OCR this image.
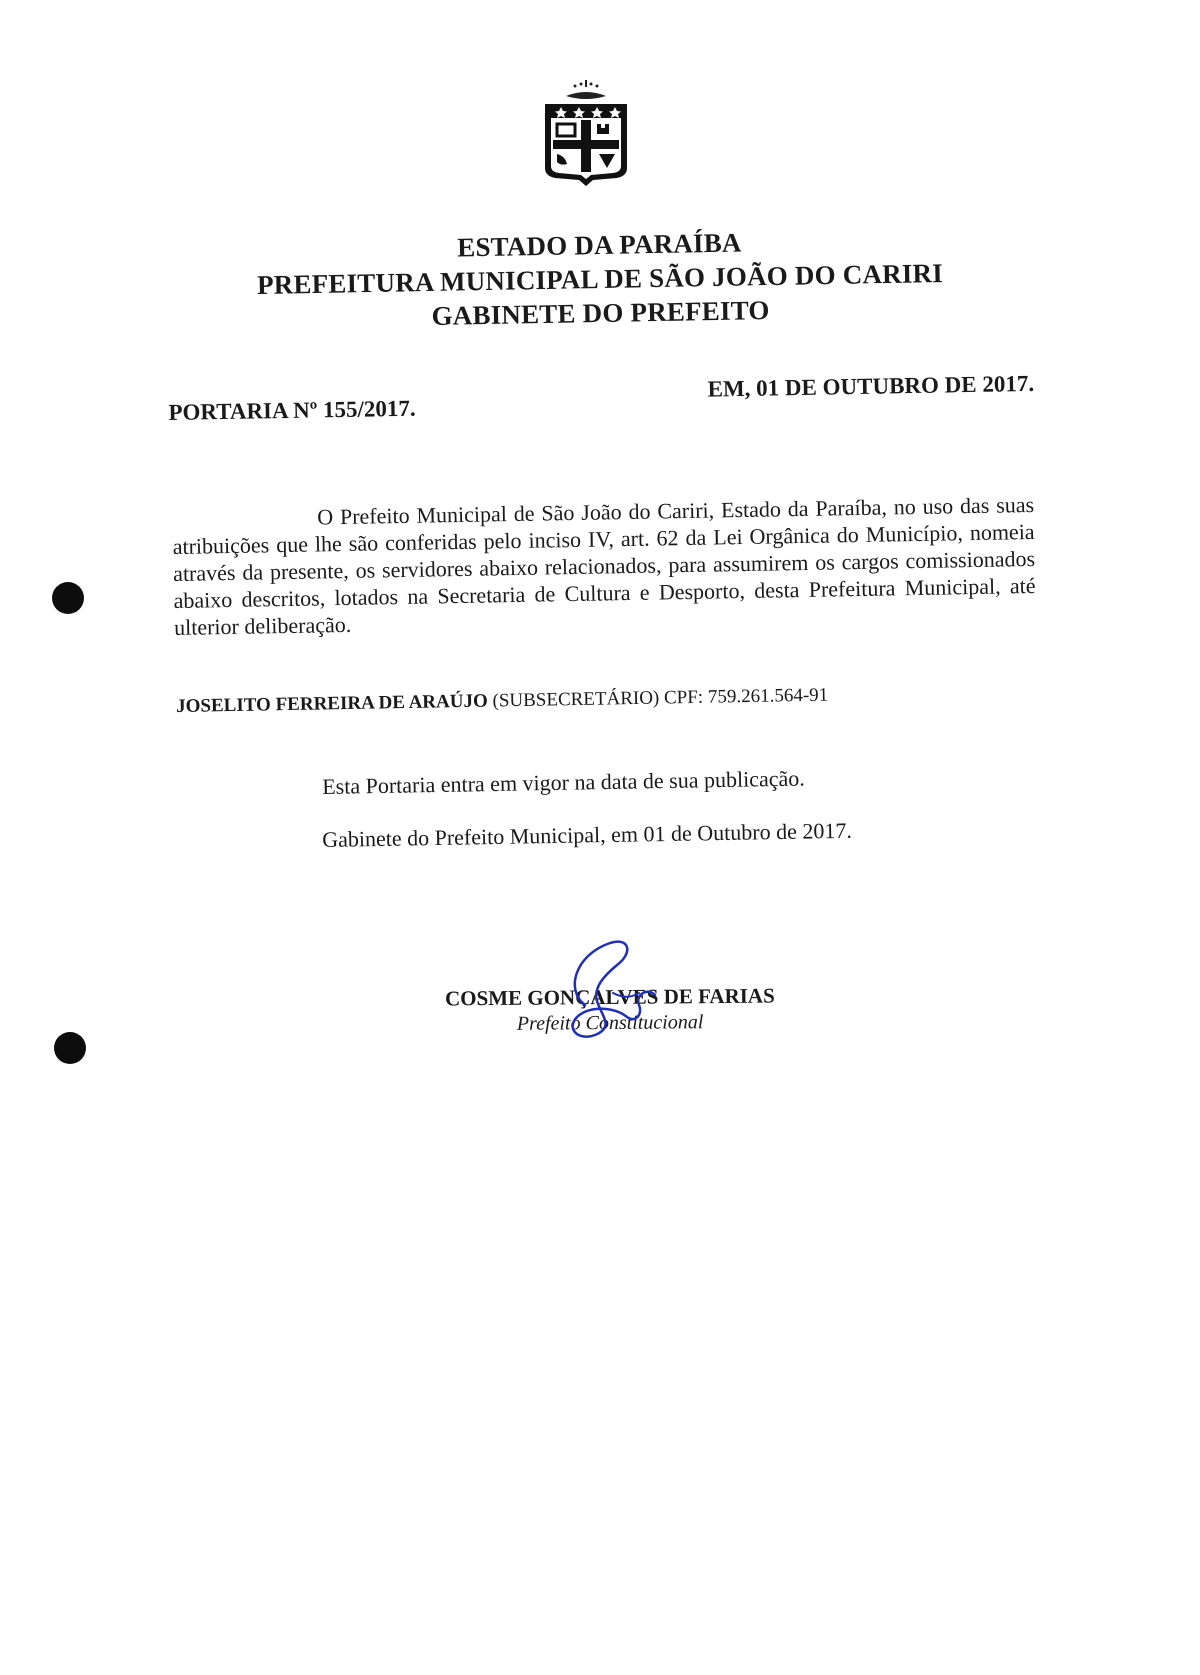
ESTADO DA PARAÍBA
PREFEITURA MUNICIPAL DE SÃO JOÃO DO CARIRI
GABINETE DO PREFEITO
PORTARIA Nº 155/2017.
EM, 01 DE OUTUBRO DE 2017.
O Prefeito Municipal de São João do Cariri, Estado da Paraíba, no uso das suas atribuições que lhe são conferidas pelo inciso IV, art. 62 da Lei Orgânica do Município, nomeia através da presente, os servidores abaixo relacionados, para assumirem os cargos comissionados abaixo descritos, lotados na Secretaria de Cultura e Desporto, desta Prefeitura Municipal, até ulterior deliberação.
JOSELITO FERREIRA DE ARAÚJO (SUBSECRETÁRIO) CPF: 759.261.564-91
Esta Portaria entra em vigor na data de sua publicação.
Gabinete do Prefeito Municipal, em 01 de Outubro de 2017.
COSME GONÇALVES DE FARIAS
Prefeito Constitucional
